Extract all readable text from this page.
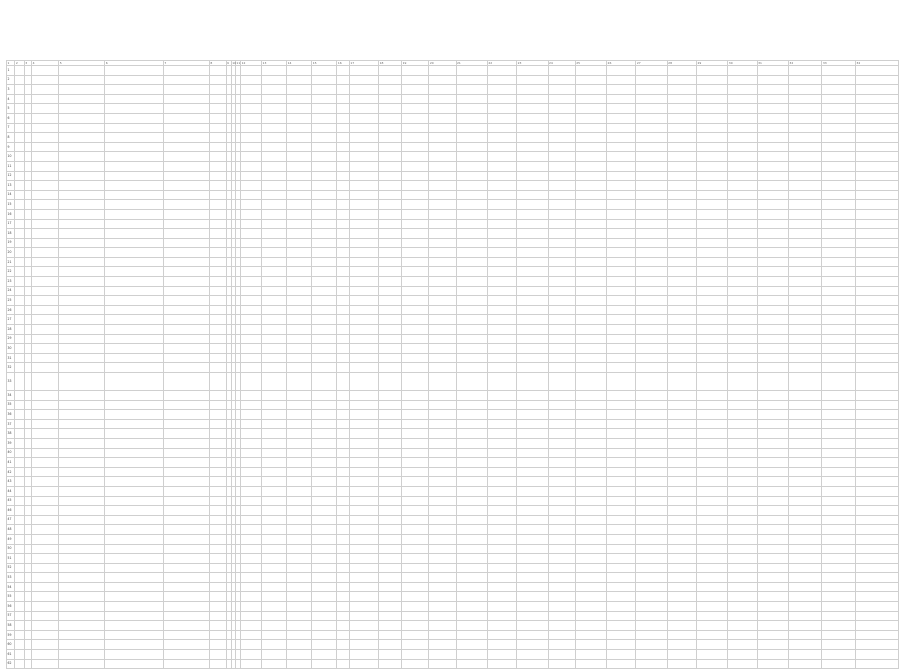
1	2	3	4	5	6	7	8	9	10	11	12	13	14	15	16	17	18	19	20	21	22	23	24	25	26	27	28	29	30	31	32	33	34
1																																	
2																																	
3																																	
4																																	
5																																	
6																																	
7																																	
8																																	
9																																	
10																																	
11																																	
12																																	
13																																	
14																																	
15																																	
16																																	
17																																	
18																																	
19																																	
20																																	
21																																	
22																																	
23																																	
24																																	
25																																	
26																																	
27																																	
28																																	
29																																	
30																																	
31																																	
32																																	
33																																	
34																																	
35																																	
36																																	
37																																	
38																																	
39																																	
40																																	
41																																	
42																																	
43																																	
44																																	
45																																	
46																																	
47																																	
48																																	
49																																	
50																																	
51																																	
52																																	
53																																	
54																																	
55																																	
56																																	
57																																	
58																																	
59																																	
60																																	
61																																	
62																																	
